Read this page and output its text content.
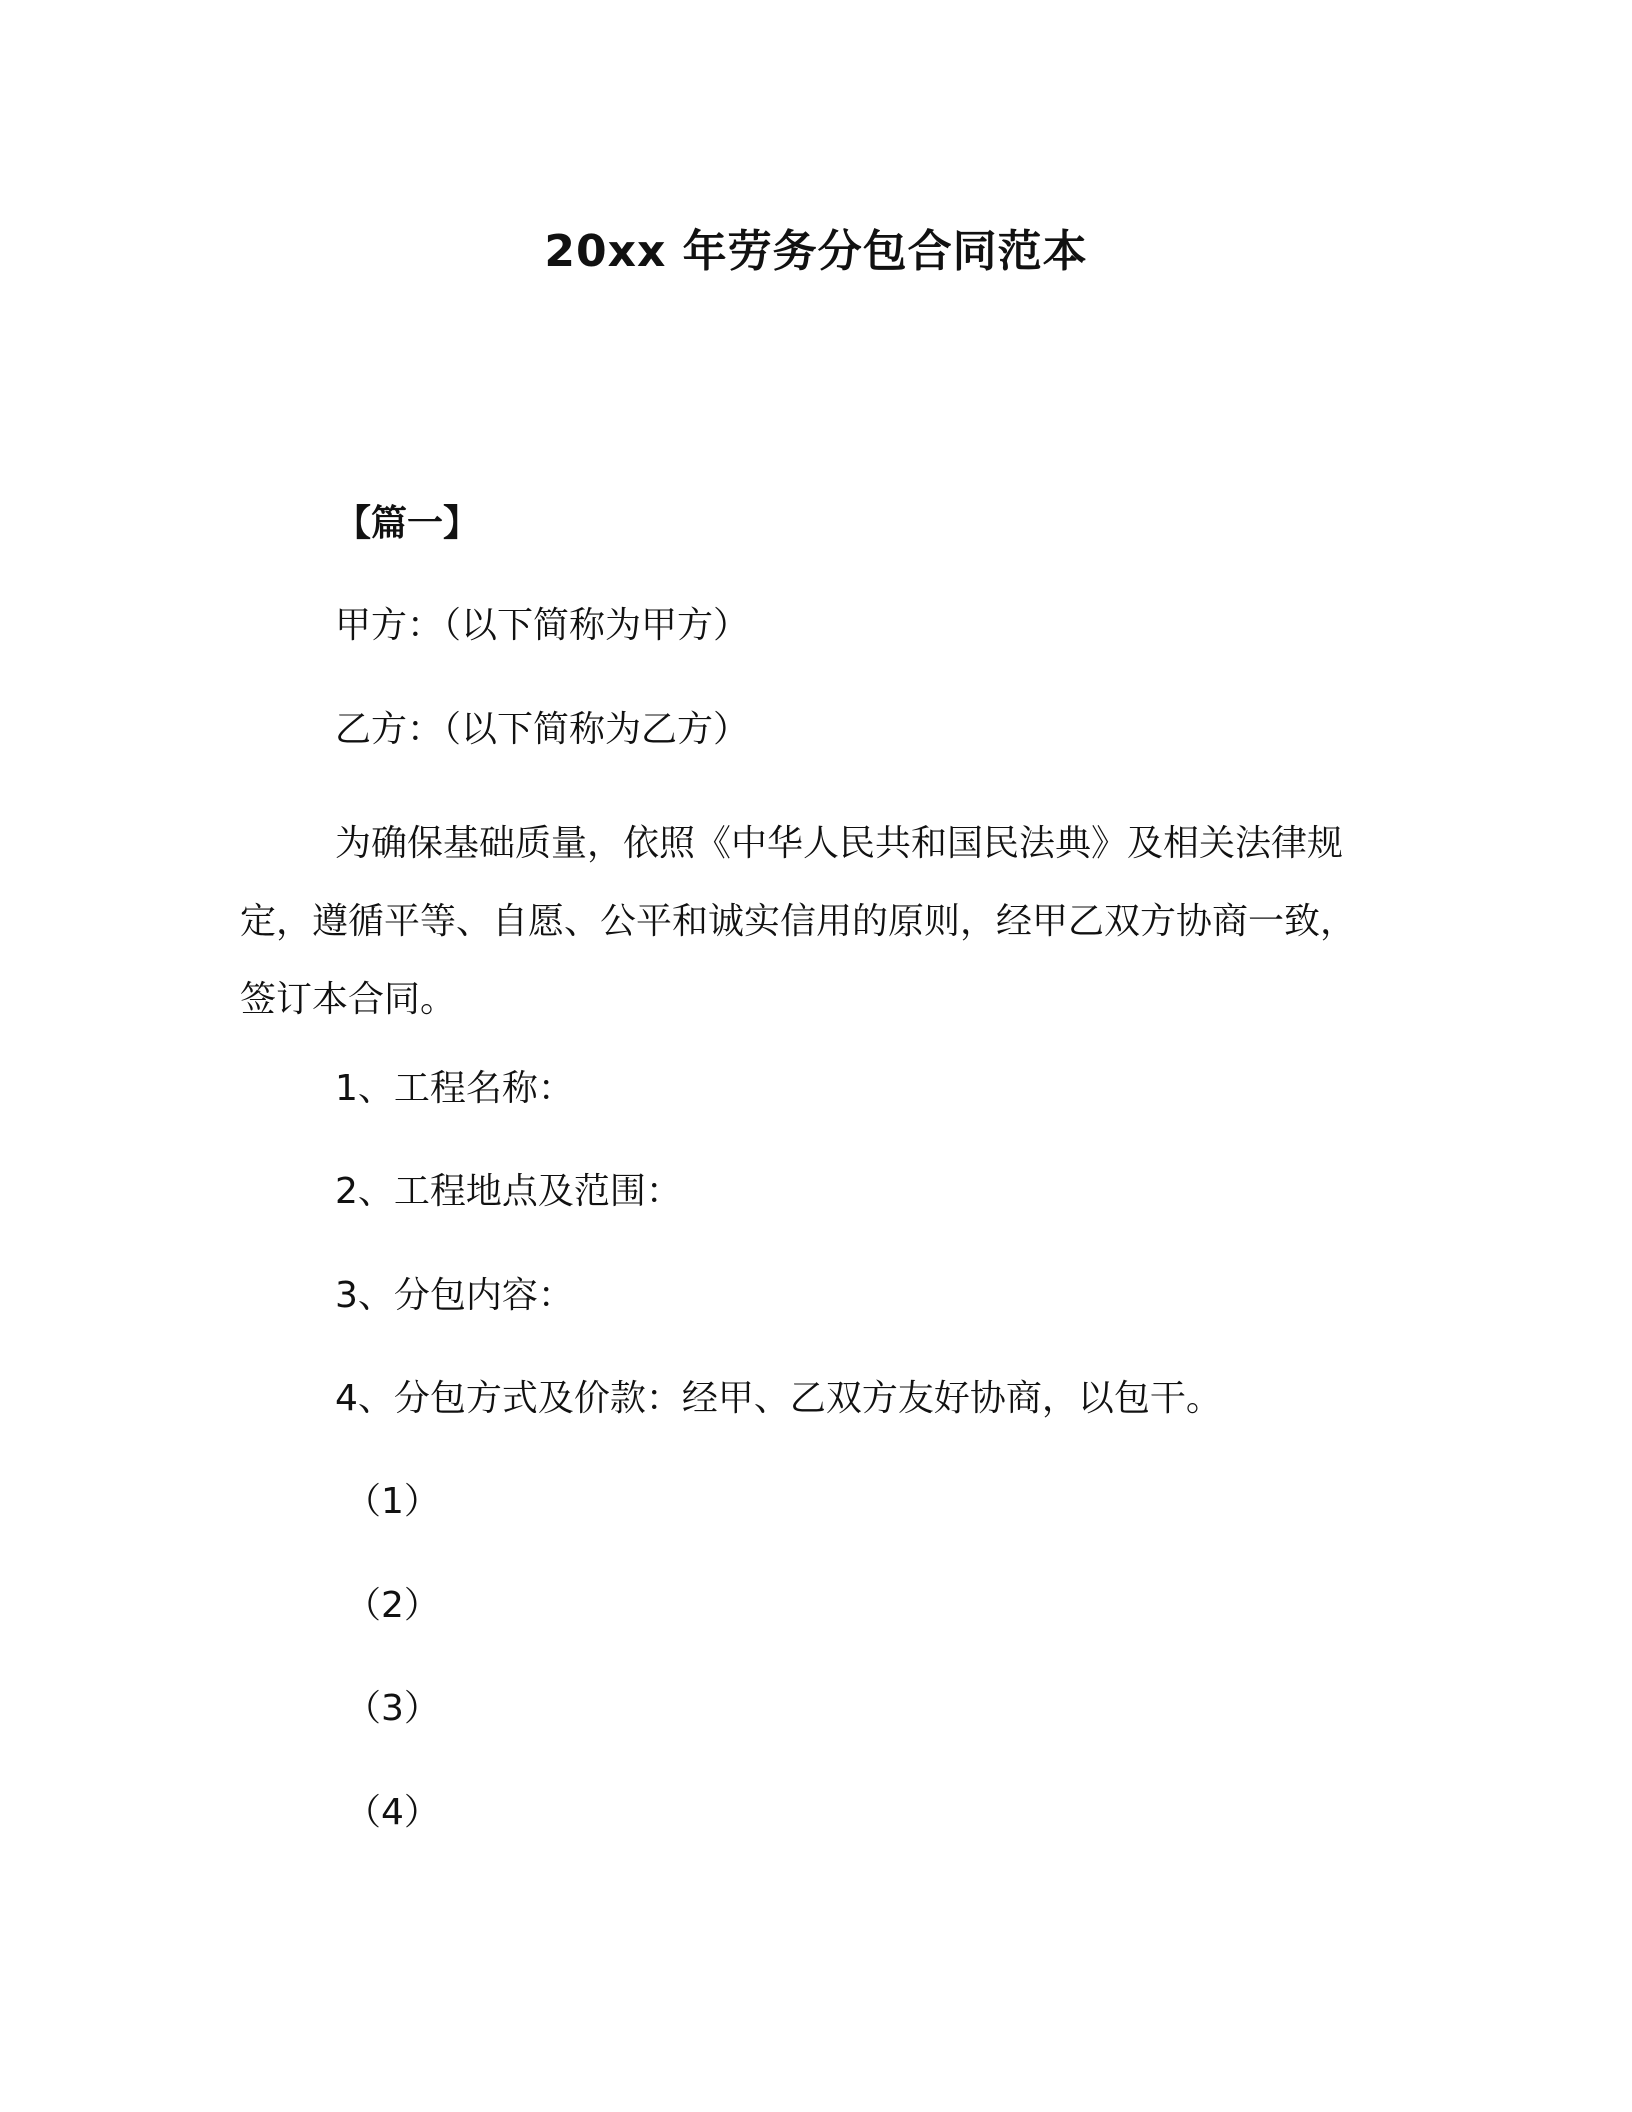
20xx 年劳务分包合同范本
【篇一】
甲方：（以下简称为甲方）
乙方：（以下简称为乙方）
为确保基础质量，依照《中华人民共和国民法典》及相关法律规定，遵循平等、自愿、公平和诚实信用的原则，经甲乙双方协商一致，签订本合同。
1、工程名称：
2、工程地点及范围：
3、分包内容：
4、分包方式及价款：经甲、乙双方友好协商，以包干。
（1）
（2）
（3）
（4）
